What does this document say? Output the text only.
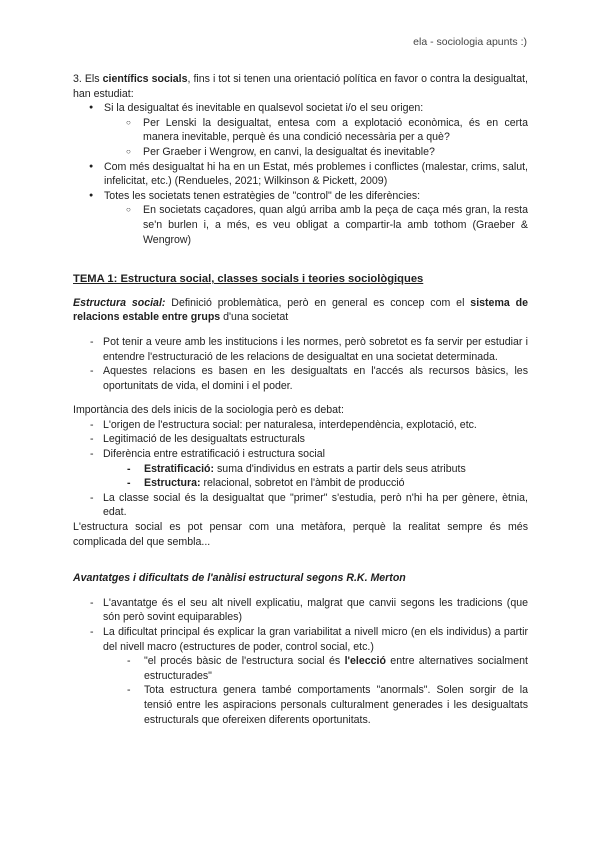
ela - sociologia apunts :)

3. Els científics socials, fins i tot si tenen una orientació política en favor o contra la desigualtat, han estudiat:

● Si la desigualtat és inevitable en qualsevol societat i/o el seu origen:
○ Per Lenski la desigualtat, entesa com a explotació econòmica, és en certa manera inevitable, perquè és una condició necessària per a què?
○ Per Graeber i Wengrow, en canvi, la desigualtat és inevitable?
● Com més desigualtat hi ha en un Estat, més problemes i conflictes (malestar, crims, salut, infelicitat, etc.) (Rendueles, 2021; Wilkinson & Pickett, 2009)
● Totes les societats tenen estratègies de "control" de les diferències:
○ En societats caçadores, quan algú arriba amb la peça de caça més gran, la resta se'n burlen i, a més, es veu obligat a compartir-la amb tothom (Graeber & Wengrow)
TEMA 1: Estructura social, classes socials i teories sociològiques

Estructura social: Definició problemàtica, però en general es concep com el sistema de relacions estable entre grups d'una societat

- Pot tenir a veure amb les institucions i les normes, però sobretot es fa servir per estudiar i entendre l'estructuració de les relacions de desigualtat en una societat determinada.
- Aquestes relacions es basen en les desigualtats en l'accés als recursos bàsics, les oportunitats de vida, el domini i el poder.

Importància des dels inicis de la sociologia però es debat:

- L'origen de l'estructura social: per naturalesa, interdependència, explotació, etc.
- Legitimació de les desigualtats estructurals
- Diferència entre estratificació i estructura social
- Estratificació: suma d'individus en estrats a partir dels seus atributs
- Estructura: relacional, sobretot en l'àmbit de producció
- La classe social és la desigualtat que "primer" s'estudia, però n'hi ha per gènere, ètnia, edat.

L'estructura social es pot pensar com una metàfora, perquè la realitat sempre és més complicada del que sembla...

Avantatges i dificultats de l'anàlisi estructural segons R.K. Merton
- L'avantatge és el seu alt nivell explicatiu, malgrat que canvii segons les tradicions (que són però sovint equiparables)
- La dificultat principal és explicar la gran variabilitat a nivell micro (en els individus) a partir del nivell macro (estructures de poder, control social, etc.)
- "el procés bàsic de l'estructura social és l'elecció entre alternatives socialment estructurades"
- Tota estructura genera també comportaments "anormals". Solen sorgir de la tensió entre les aspiracions personals culturalment generades i les desigualtats estructurals que ofereixen diferents oportunitats.
